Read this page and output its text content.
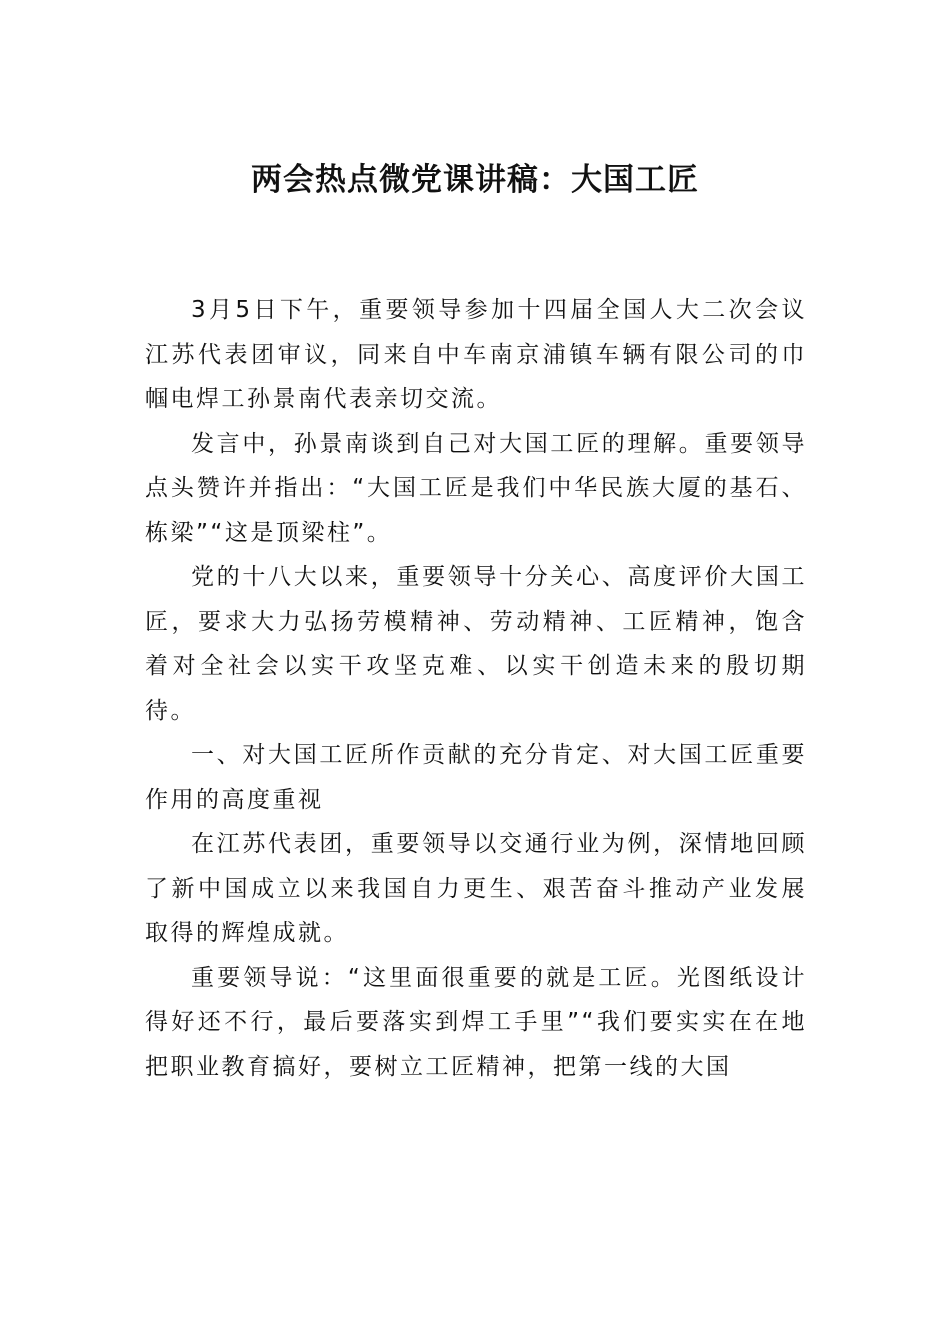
两会热点微党课讲稿：大国工匠

3月5日下午，重要领导参加十四届全国人大二次会议江苏代表团审议，同来自中车南京浦镇车辆有限公司的巾帼电焊工孙景南代表亲切交流。

发言中，孙景南谈到自己对大国工匠的理解。重要领导点头赞许并指出：“大国工匠是我们中华民族大厦的基石、栋梁”“这是顶梁柱”。

党的十八大以来，重要领导十分关心、高度评价大国工匠，要求大力弘扬劳模精神、劳动精神、工匠精神，饱含着对全社会以实干攻坚克难、以实干创造未来的殷切期待。

一、对大国工匠所作贡献的充分肯定、对大国工匠重要作用的高度重视

在江苏代表团，重要领导以交通行业为例，深情地回顾了新中国成立以来我国自力更生、艰苦奋斗推动产业发展取得的辉煌成就。

重要领导说：“这里面很重要的就是工匠。光图纸设计得好还不行，最后要落实到焊工手里”“我们要实实在在地把职业教育搞好，要树立工匠精神，把第一线的大国
